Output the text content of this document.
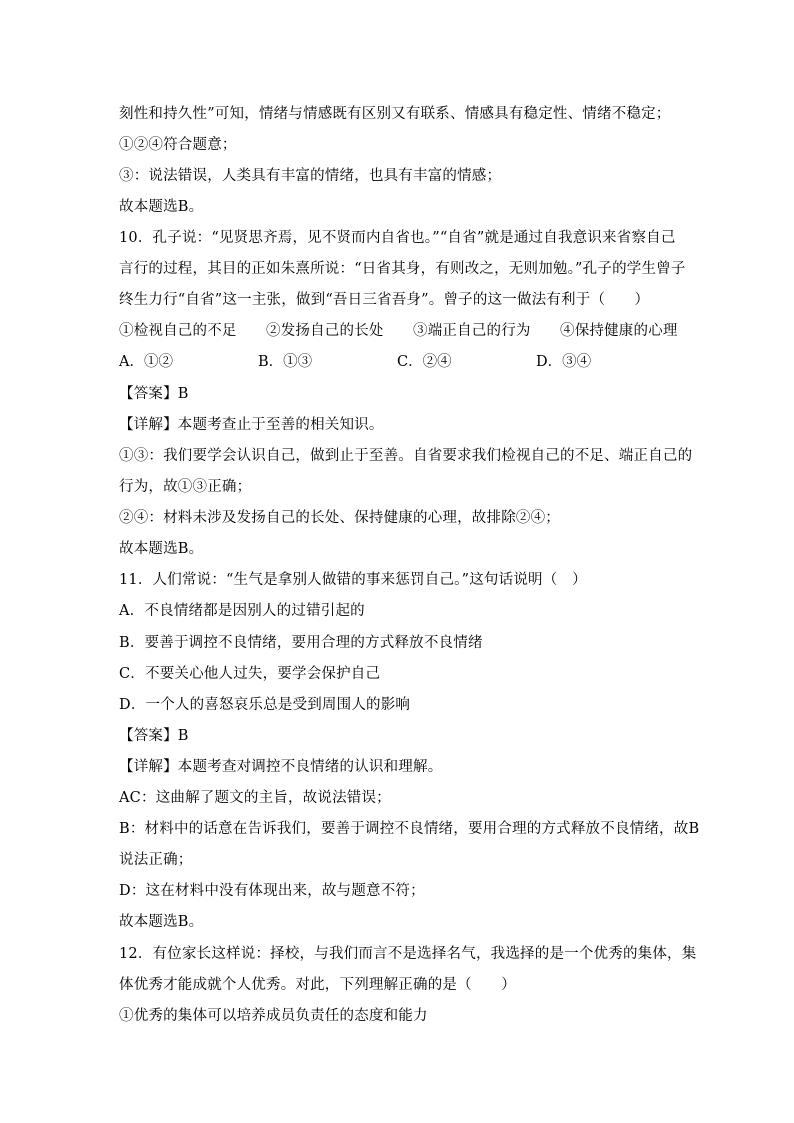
刻性和持久性”可知，情绪与情感既有区别又有联系、情感具有稳定性、情绪不稳定；
①②④符合题意；
③：说法错误，人类具有丰富的情绪，也具有丰富的情感；
故本题选B。
10．孔子说：“见贤思齐焉，见不贤而内自省也。”“自省”就是通过自我意识来省察自己
言行的过程，其目的正如朱熹所说：“日省其身，有则改之，无则加勉。”孔子的学生曾子
终生力行“自省”这一主张，做到“吾日三省吾身”。曾子的这一做法有利于（　　）
①检视自己的不足　　②发扬自己的长处　　③端正自己的行为　　④保持健康的心理
A．①②	B．①③	C．②④	D．③④
【答案】B
【详解】本题考查止于至善的相关知识。
①③：我们要学会认识自己，做到止于至善。自省要求我们检视自己的不足、端正自己的
行为，故①③正确；
②④：材料未涉及发扬自己的长处、保持健康的心理，故排除②④；
故本题选B。
11．人们常说：“生气是拿别人做错的事来惩罚自己。”这句话说明（　）
A．不良情绪都是因别人的过错引起的
B．要善于调控不良情绪，要用合理的方式释放不良情绪
C．不要关心他人过失，要学会保护自己
D．一个人的喜怒哀乐总是受到周围人的影响
【答案】B
【详解】本题考查对调控不良情绪的认识和理解。
AC：这曲解了题文的主旨，故说法错误；
B：材料中的话意在告诉我们，要善于调控不良情绪，要用合理的方式释放不良情绪，故B
说法正确；
D：这在材料中没有体现出来，故与题意不符；
故本题选B。
12．有位家长这样说：择校，与我们而言不是选择名气，我选择的是一个优秀的集体，集
体优秀才能成就个人优秀。对此，下列理解正确的是（　　）
①优秀的集体可以培养成员负责任的态度和能力
